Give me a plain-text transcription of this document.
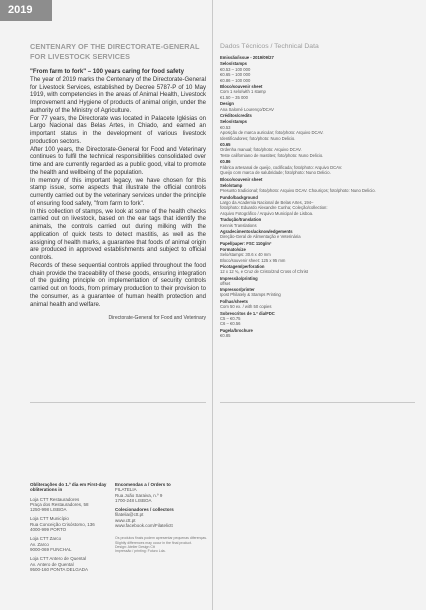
2019
CENTENARY OF THE DIRECTORATE-GENERAL FOR LIVESTOCK SERVICES

"From farm to fork" – 100 years caring for food safety

The year of 2019 marks the Centenary of the Directorate-General for Livestock Services, established by Decree 5787-P of 10 May 1919, with competencies in the areas of Animal Health, Livestock Improvement and Hygiene of products of animal origin, under the authority of the Ministry of Agriculture.

For 77 years, the Directorate was located in Palacete Iglésias on Largo Nacional das Belas Artes, in Chiado, and earned an important status in the development of various livestock production sectors.

After 100 years, the Directorate-General for Food and Veterinary continues to fulfil the technical responsibilities consolidated over time and are currently regarded as a public good, vital to promote the health and wellbeing of the population.

In memory of this important legacy, we have chosen for this stamp issue, some aspects that illustrate the official controls currently carried out by the veterinary services under the principle of ensuring food safety, "from farm to fork".

In this collection of stamps, we look at some of the health checks carried out on livestock, based on the ear tags that identify the animals, the controls carried out during milking with the application of quick tests to detect mastitis, as well as the assigning of health marks, a guarantee that foods of animal origin are produced in approved establishments and subject to official controls.

Records of these sequential controls applied throughout the food chain provide the traceability of these goods, ensuring integration of the guiding principle on implementation of security controls carried out on foods, from primary production to their provision to the consumer, as a guarantee of human health protection and animal health and welfare.

Directorate-General for Food and Veterinary
Dados Técnicos / Technical Data
Emissão/issue - 2019/09/27
Selos/stamps
€0.53 – 100 000
€0.65 – 100 000
€0.86 – 100 000
Bloco/souvenir sheet
Com 1 selo/with 1 stamp
€1.50 – 35 000
Design
Ana Salomé Lourenço/DCAV
Créditos/credits
Selos/stamps
€0.53
Aposição de marca auricular; foto/photo: Arquivo DCAV.
Identificadores; foto/photo: Nuno Delicio.
€0.65
Ordenha manual; foto/photo: Arquivo DCAV.
Teste californiano de mastites; foto/photo: Nuno Delicio.
€0.86
Fábrica artesanal de queijo, codificada; foto/photo: Arquivo DCAV.
Queijo com marca de salubridade; foto/photo: Nuno Delicio.
Bloco/souvenir sheet
Selo/stamp
Presunto tradicional; foto/photo: Arquivo DCAV. Chouriços; foto/photo: Nuno Delicio.
Fundo/background
Largo da Academia Nacional de Belas Artes, 194–
foto/photo: Eduardo Alexandre Cunha; Coleção/collection:
Arquivo Fotográfico / Arquivo Municipal de Lisboa.
Tradução/translation
Kennis Translations
Agradecimentos/acknowledgements
Direção-Geral de Alimentação e Veterinária
Papel/paper: FSC 110g/m²
Formato/size
Selo/stamps: 30.6 x 40 mm
Bloco/souvenir sheet: 125 x 95 mm
Picotagem/perforation
12 x 12 ¾, e Cruz de Cristo/2nd Cross of Christ
Impressão/printing
offset
Impressor/printer
Ipost Philately & Stamps Printing
Folhas/sheets
Com 50 ex. / with 50 copies
Sobrescritos de 1.º dia/FDC
C5 – €0.75
C6 – €0.56
Pagela/brochure
€0.85
Obliterações do 1.º dia em First-day obliterations in
Loja CTT Restauradores
Praça dos Restauradores, 58
1250-998 LISBOA
Loja CTT Município
Rua Conceição Crisóstomo, 136
4000-999 PORTO
Loja CTT Zarco
Av. Zarco
9000-069 FUNCHAL
Loja CTT Antero de Quental
Av. Antero de Quental
9500-160 PONTA DELGADA
Encomendas a / Orders to
FILATELIA
Rua João Saraiva, n.º 9
1700-248 LISBOA
Colecionadores / collectors
filatelia@ctt.pt
www.ctt.pt
www.facebook.com/Filatelictt
Os produtos finais podem apresentar pequenas diferenças.
Slightly differences may occur in the final product.
Design: Atelier Design Ctt
Impressão / printing: Futuro Lda.
